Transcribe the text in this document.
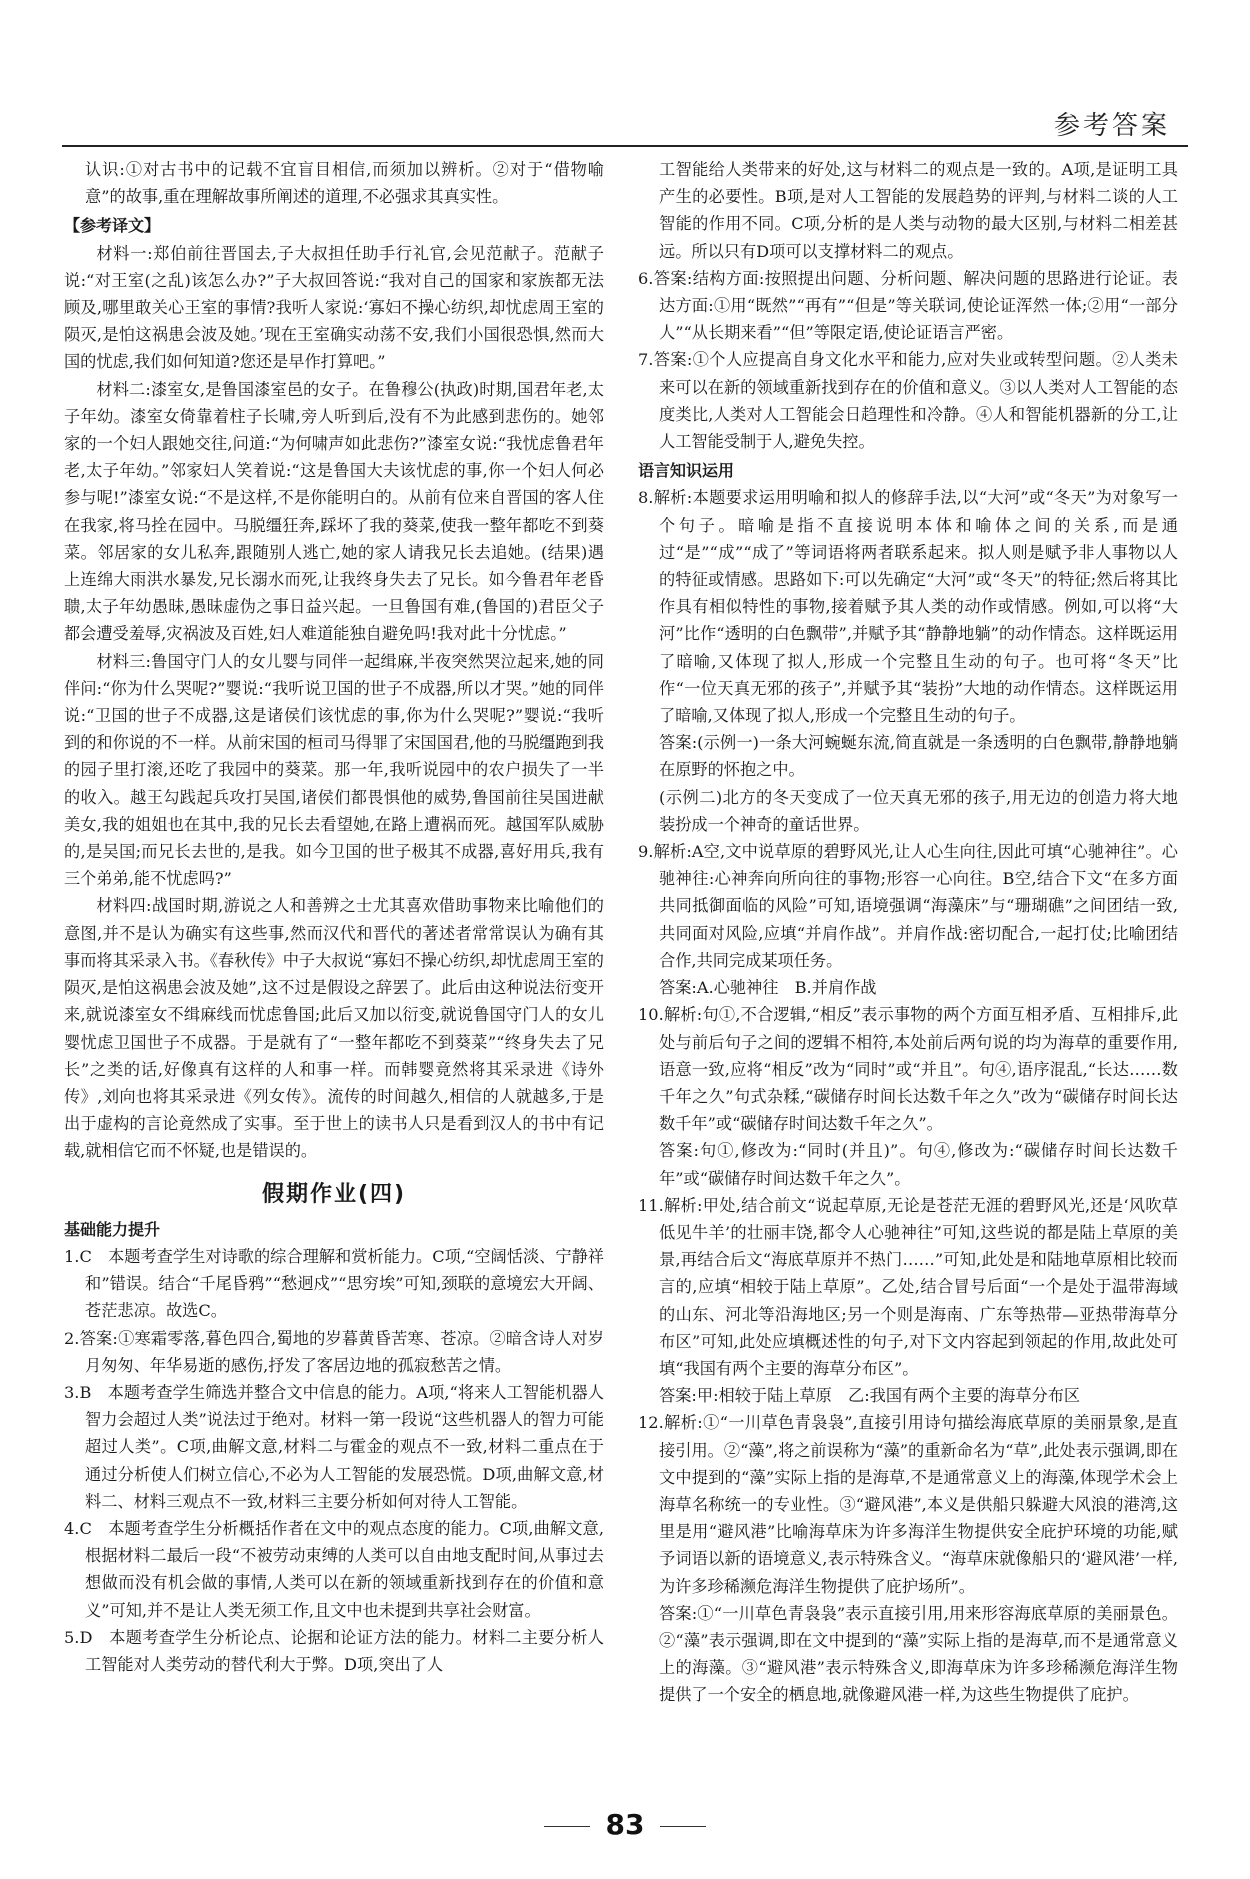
参考答案

认识:①对古书中的记载不宜盲目相信,而须加以辨析。②对于“借物喻意”的故事,重在理解故事所阐述的道理,不必强求其真实性。

【参考译文】

材料一:郑伯前往晋国去,子大叔担任助手行礼官,会见范献子。范献子说:“对王室(之乱)该怎么办?”子大叔回答说:“我对自己的国家和家族都无法顾及,哪里敢关心王室的事情?我听人家说:‘寡妇不操心纺织,却忧虑周王室的陨灭,是怕这祸患会波及她。’现在王室确实动荡不安,我们小国很恐惧,然而大国的忧虑,我们如何知道?您还是早作打算吧。”

材料二:漆室女,是鲁国漆室邑的女子。在鲁穆公(执政)时期,国君年老,太子年幼。漆室女倚靠着柱子长啸,旁人听到后,没有不为此感到悲伤的。她邻家的一个妇人跟她交往,问道:“为何啸声如此悲伤?”漆室女说:“我忧虑鲁君年老,太子年幼。”邻家妇人笑着说:“这是鲁国大夫该忧虑的事,你一个妇人何必参与呢!”漆室女说:“不是这样,不是你能明白的。从前有位来自晋国的客人住在我家,将马拴在园中。马脱缰狂奔,踩坏了我的葵菜,使我一整年都吃不到葵菜。邻居家的女儿私奔,跟随别人逃亡,她的家人请我兄长去追她。(结果)遇上连绵大雨洪水暴发,兄长溺水而死,让我终身失去了兄长。如今鲁君年老昏聩,太子年幼愚昧,愚昧虚伪之事日益兴起。一旦鲁国有难,(鲁国的)君臣父子都会遭受羞辱,灾祸波及百姓,妇人难道能独自避免吗!我对此十分忧虑。”

材料三:鲁国守门人的女儿婴与同伴一起缉麻,半夜突然哭泣起来,她的同伴问:“你为什么哭呢?”婴说:“我听说卫国的世子不成器,所以才哭。”她的同伴说:“卫国的世子不成器,这是诸侯们该忧虑的事,你为什么哭呢?”婴说:“我听到的和你说的不一样。从前宋国的桓司马得罪了宋国国君,他的马脱缰跑到我的园子里打滚,还吃了我园中的葵菜。那一年,我听说园中的农户损失了一半的收入。越王勾践起兵攻打吴国,诸侯们都畏惧他的威势,鲁国前往吴国进献美女,我的姐姐也在其中,我的兄长去看望她,在路上遭祸而死。越国军队威胁的,是吴国;而兄长去世的,是我。如今卫国的世子极其不成器,喜好用兵,我有三个弟弟,能不忧虑吗?”

材料四:战国时期,游说之人和善辨之士尤其喜欢借助事物来比喻他们的意图,并不是认为确实有这些事,然而汉代和晋代的著述者常常误认为确有其事而将其采录入书。《春秋传》中子大叔说“寡妇不操心纺织,却忧虑周王室的陨灭,是怕这祸患会波及她”,这不过是假设之辞罢了。此后由这种说法衍变开来,就说漆室女不缉麻线而忧虑鲁国;此后又加以衍变,就说鲁国守门人的女儿婴忧虑卫国世子不成器。于是就有了“一整年都吃不到葵菜”“终身失去了兄长”之类的话,好像真有这样的人和事一样。而韩婴竟然将其采录进《诗外传》,刘向也将其采录进《列女传》。流传的时间越久,相信的人就越多,于是出于虚构的言论竟然成了实事。至于世上的读书人只是看到汉人的书中有记载,就相信它而不怀疑,也是错误的。

假期作业(四)

基础能力提升

1.C　本题考查学生对诗歌的综合理解和赏析能力。C项,“空阔恬淡、宁静祥和”错误。结合“千尾昏鸦”“愁迥戍”“思穷埃”可知,颈联的意境宏大开阔、苍茫悲凉。故选C。

2.答案:①寒霜零落,暮色四合,蜀地的岁暮黄昏苦寒、苍凉。②暗含诗人对岁月匆匆、年华易逝的感伤,抒发了客居边地的孤寂愁苦之情。

3.B　本题考查学生筛选并整合文中信息的能力。A项,“将来人工智能机器人智力会超过人类”说法过于绝对。材料一第一段说“这些机器人的智力可能超过人类”。C项,曲解文意,材料二与霍金的观点不一致,材料二重点在于通过分析使人们树立信心,不必为人工智能的发展恐慌。D项,曲解文意,材料二、材料三观点不一致,材料三主要分析如何对待人工智能。

4.C　本题考查学生分析概括作者在文中的观点态度的能力。C项,曲解文意,根据材料二最后一段“不被劳动束缚的人类可以自由地支配时间,从事过去想做而没有机会做的事情,人类可以在新的领域重新找到存在的价值和意义”可知,并不是让人类无须工作,且文中也未提到共享社会财富。

5.D　本题考查学生分析论点、论据和论证方法的能力。材料二主要分析人工智能对人类劳动的替代利大于弊。D项,突出了人

工智能给人类带来的好处,这与材料二的观点是一致的。A项,是证明工具产生的必要性。B项,是对人工智能的发展趋势的评判,与材料二谈的人工智能的作用不同。C项,分析的是人类与动物的最大区别,与材料二相差甚远。所以只有D项可以支撑材料二的观点。

6.答案:结构方面:按照提出问题、分析问题、解决问题的思路进行论证。表达方面:①用“既然”“再有”“但是”等关联词,使论证浑然一体;②用“一部分人”“从长期来看”“但”等限定语,使论证语言严密。

7.答案:①个人应提高自身文化水平和能力,应对失业或转型问题。②人类未来可以在新的领域重新找到存在的价值和意义。③以人类对人工智能的态度类比,人类对人工智能会日趋理性和冷静。④人和智能机器新的分工,让人工智能受制于人,避免失控。

语言知识运用

8.解析:本题要求运用明喻和拟人的修辞手法,以“大河”或“冬天”为对象写一个句子。暗喻是指不直接说明本体和喻体之间的关系,而是通过“是”“成”“成了”等词语将两者联系起来。拟人则是赋予非人事物以人的特征或情感。思路如下:可以先确定“大河”或“冬天”的特征;然后将其比作具有相似特性的事物,接着赋予其人类的动作或情感。例如,可以将“大河”比作“透明的白色飘带”,并赋予其“静静地躺”的动作情态。这样既运用了暗喻,又体现了拟人,形成一个完整且生动的句子。也可将“冬天”比作“一位天真无邪的孩子”,并赋予其“装扮”大地的动作情态。这样既运用了暗喻,又体现了拟人,形成一个完整且生动的句子。

答案:(示例一)一条大河蜿蜒东流,简直就是一条透明的白色飘带,静静地躺在原野的怀抱之中。

(示例二)北方的冬天变成了一位天真无邪的孩子,用无边的创造力将大地装扮成一个神奇的童话世界。

9.解析:A空,文中说草原的碧野风光,让人心生向往,因此可填“心驰神往”。心驰神往:心神奔向所向往的事物;形容一心向往。B空,结合下文“在多方面共同抵御面临的风险”可知,语境强调“海藻床”与“珊瑚礁”之间团结一致,共同面对风险,应填“并肩作战”。并肩作战:密切配合,一起打仗;比喻团结合作,共同完成某项任务。

答案:A.心驰神往　B.并肩作战

10.解析:句①,不合逻辑,“相反”表示事物的两个方面互相矛盾、互相排斥,此处与前后句子之间的逻辑不相符,本处前后两句说的均为海草的重要作用,语意一致,应将“相反”改为“同时”或“并且”。句④,语序混乱,“长达……数千年之久”句式杂糅,“碳储存时间长达数千年之久”改为“碳储存时间长达数千年”或“碳储存时间达数千年之久”。

答案:句①,修改为:“同时(并且)”。句④,修改为:“碳储存时间长达数千年”或“碳储存时间达数千年之久”。

11.解析:甲处,结合前文“说起草原,无论是苍茫无涯的碧野风光,还是‘风吹草低见牛羊’的壮丽丰饶,都令人心驰神往”可知,这些说的都是陆上草原的美景,再结合后文“海底草原并不热门……”可知,此处是和陆地草原相比较而言的,应填“相较于陆上草原”。乙处,结合冒号后面“一个是处于温带海域的山东、河北等沿海地区;另一个则是海南、广东等热带—亚热带海草分布区”可知,此处应填概述性的句子,对下文内容起到领起的作用,故此处可填“我国有两个主要的海草分布区”。

答案:甲:相较于陆上草原　乙:我国有两个主要的海草分布区

12.解析:①“一川草色青袅袅”,直接引用诗句描绘海底草原的美丽景象,是直接引用。②“藻”,将之前误称为“藻”的重新命名为“草”,此处表示强调,即在文中提到的“藻”实际上指的是海草,不是通常意义上的海藻,体现学术会上海草名称统一的专业性。③“避风港”,本义是供船只躲避大风浪的港湾,这里是用“避风港”比喻海草床为许多海洋生物提供安全庇护环境的功能,赋予词语以新的语境意义,表示特殊含义。“海草床就像船只的‘避风港’一样,为许多珍稀濒危海洋生物提供了庇护场所”。

答案:①“一川草色青袅袅”表示直接引用,用来形容海底草原的美丽景色。②“藻”表示强调,即在文中提到的“藻”实际上指的是海草,而不是通常意义上的海藻。③“避风港”表示特殊含义,即海草床为许多珍稀濒危海洋生物提供了一个安全的栖息地,就像避风港一样,为这些生物提供了庇护。

83
